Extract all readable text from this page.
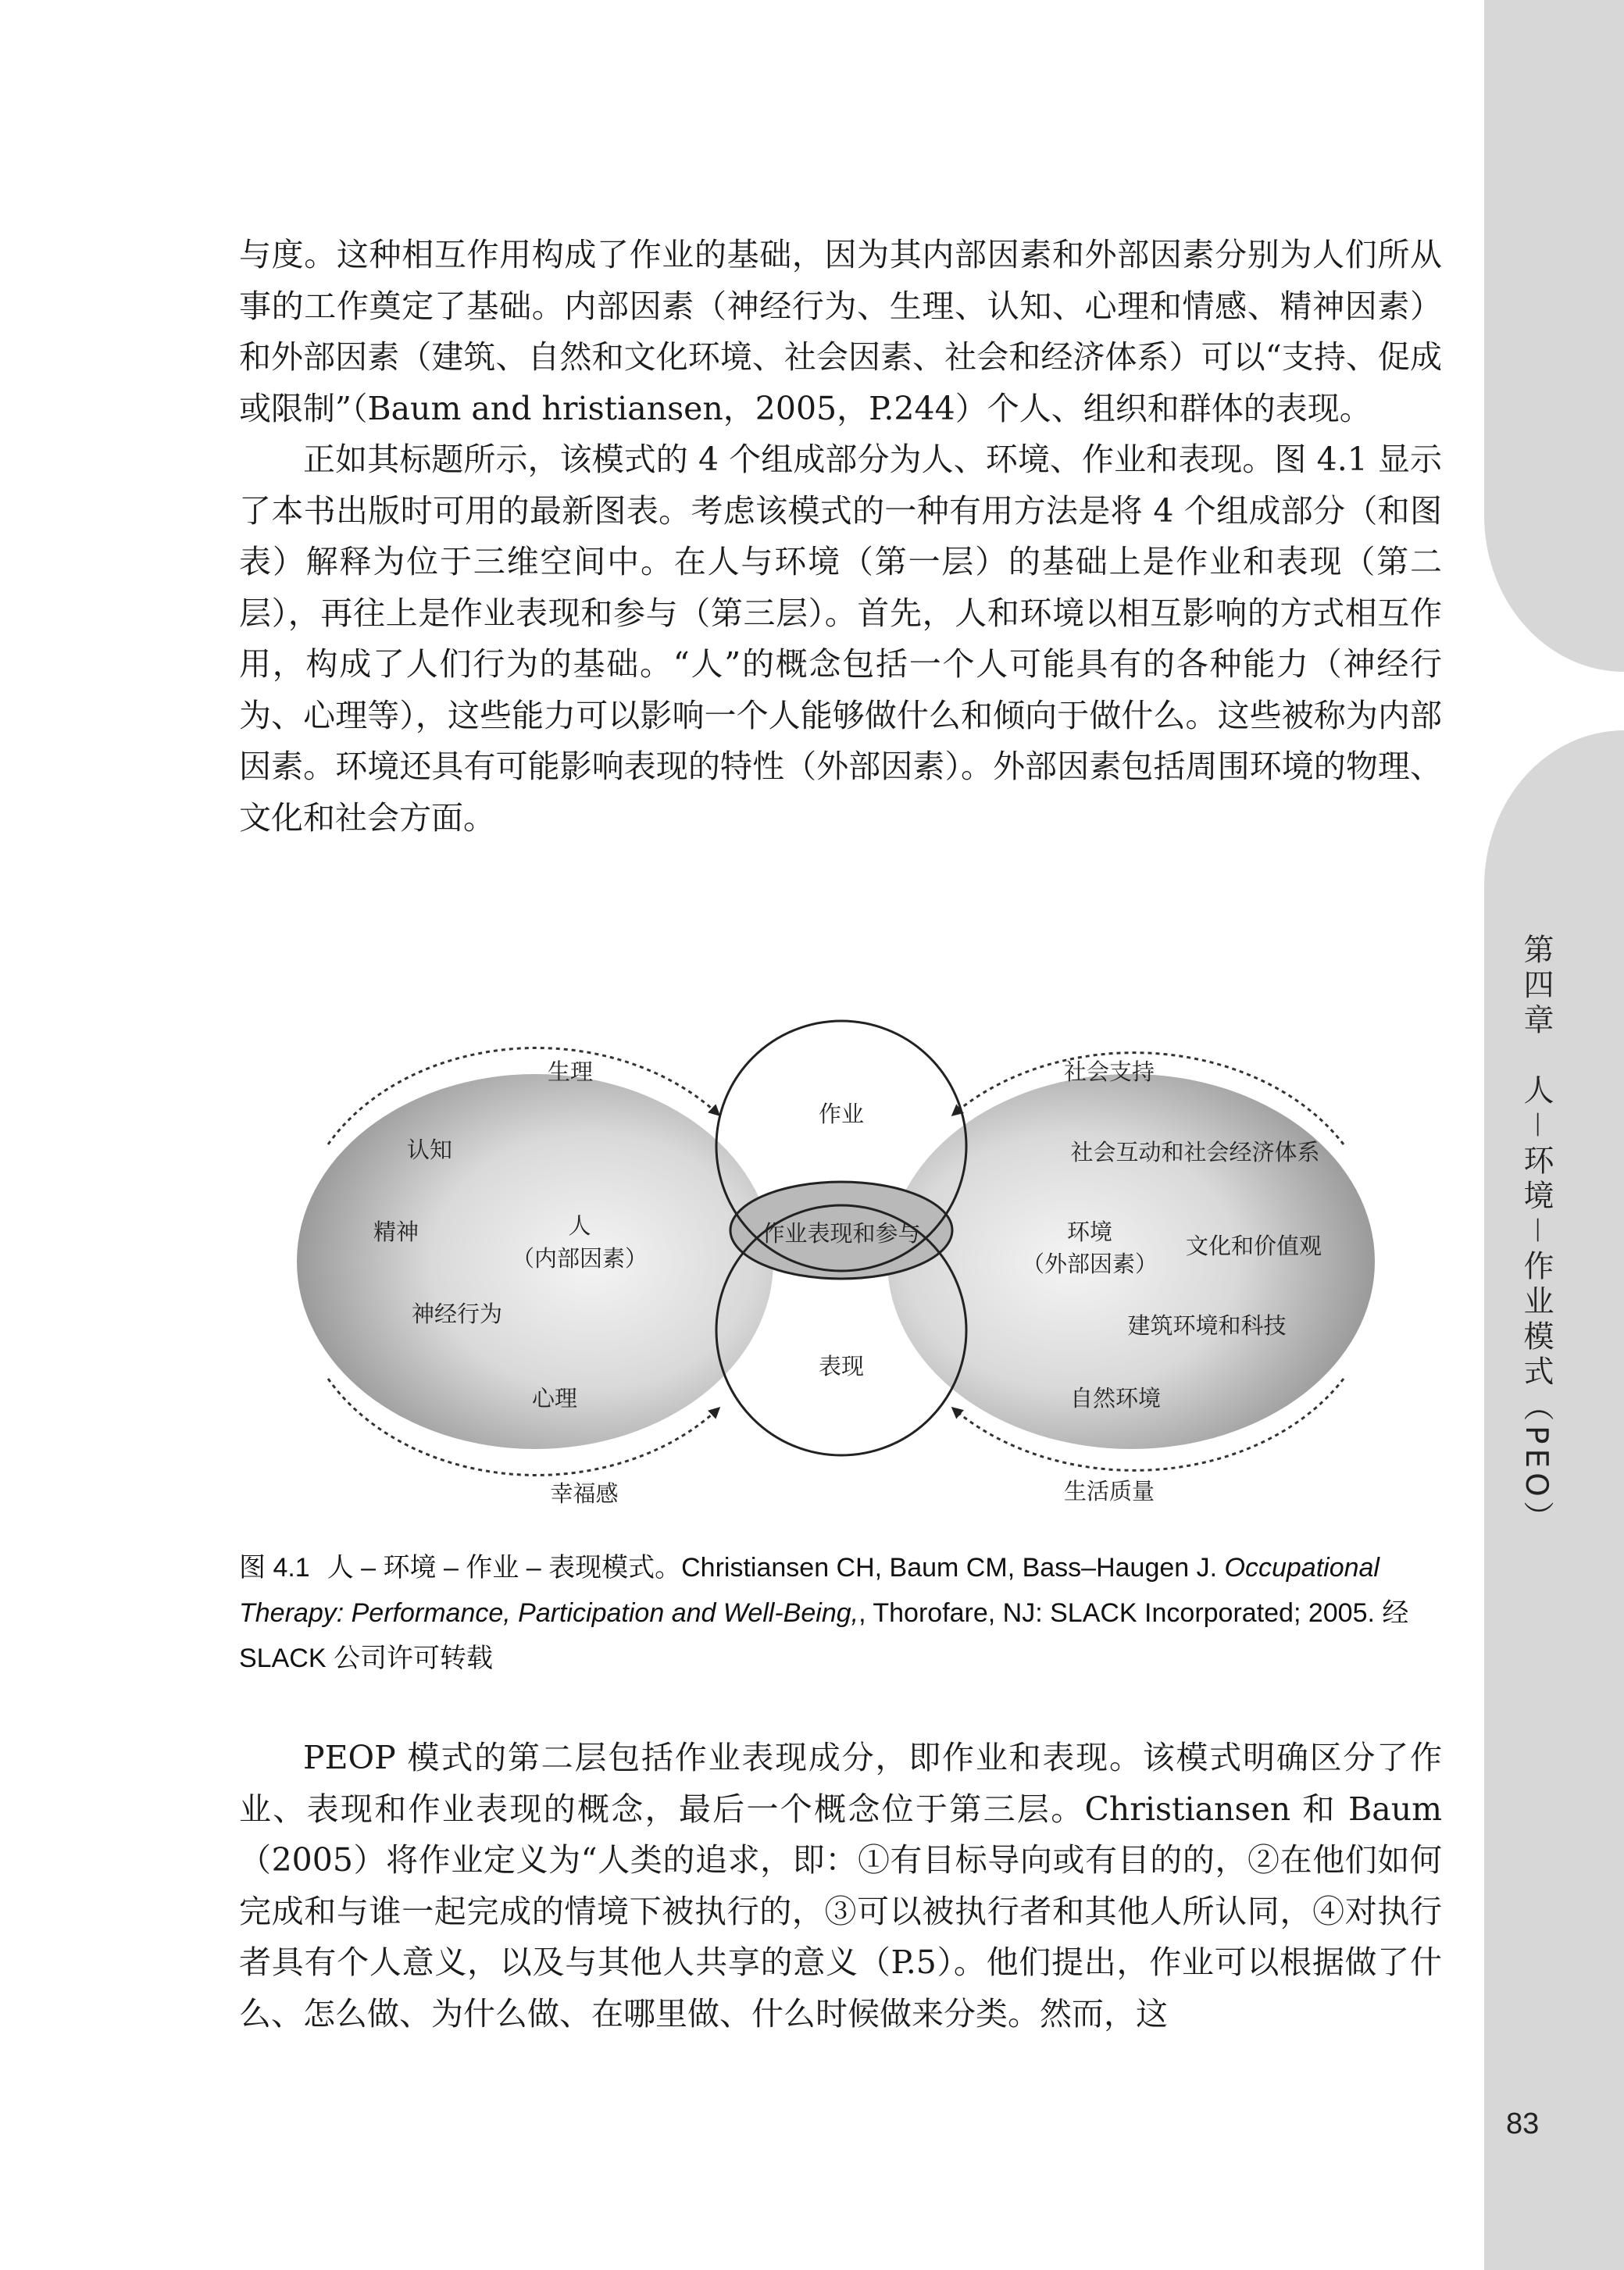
第四章　人－环境－作业模式（PEO）
83

与度。这种相互作用构成了作业的基础，因为其内部因素和外部因素分别为人们所从事的工作奠定了基础。内部因素（神经行为、生理、认知、心理和情感、精神因素）和外部因素（建筑、自然和文化环境、社会因素、社会和经济体系）可以“支持、促成或限制”（Baum and hristiansen，2005，P.244）个人、组织和群体的表现。

正如其标题所示，该模式的 4 个组成部分为人、环境、作业和表现。图 4.1 显示了本书出版时可用的最新图表。考虑该模式的一种有用方法是将 4 个组成部分（和图表）解释为位于三维空间中。在人与环境（第一层）的基础上是作业和表现（第二层），再往上是作业表现和参与（第三层）。首先，人和环境以相互影响的方式相互作用，构成了人们行为的基础。“人”的概念包括一个人可能具有的各种能力（神经行为、心理等），这些能力可以影响一个人能够做什么和倾向于做什么。这些被称为内部因素。环境还具有可能影响表现的特性（外部因素）。外部因素包括周围环境的物理、文化和社会方面。

生理
认知
精神
神经行为
心理
人
（内部因素）
幸福感
作业
作业表现和参与
表现
社会支持
社会互动和社会经济体系
文化和价值观
建筑环境和科技
自然环境
环境
（外部因素）
生活质量
图 4.1 人 – 环境 – 作业 – 表现模式。Christiansen CH, Baum CM, Bass–Haugen J. Occupational Therapy: Performance, Participation and Well-Being,, Thorofare, NJ: SLACK Incorporated; 2005. 经 SLACK 公司许可转载

PEOP 模式的第二层包括作业表现成分，即作业和表现。该模式明确区分了作业、表现和作业表现的概念，最后一个概念位于第三层。Christiansen 和 Baum（2005）将作业定义为“人类的追求，即：①有目标导向或有目的的，②在他们如何完成和与谁一起完成的情境下被执行的，③可以被执行者和其他人所认同，④对执行者具有个人意义，以及与其他人共享的意义（P.5）。他们提出，作业可以根据做了什么、怎么做、为什么做、在哪里做、什么时候做来分类。然而，这
